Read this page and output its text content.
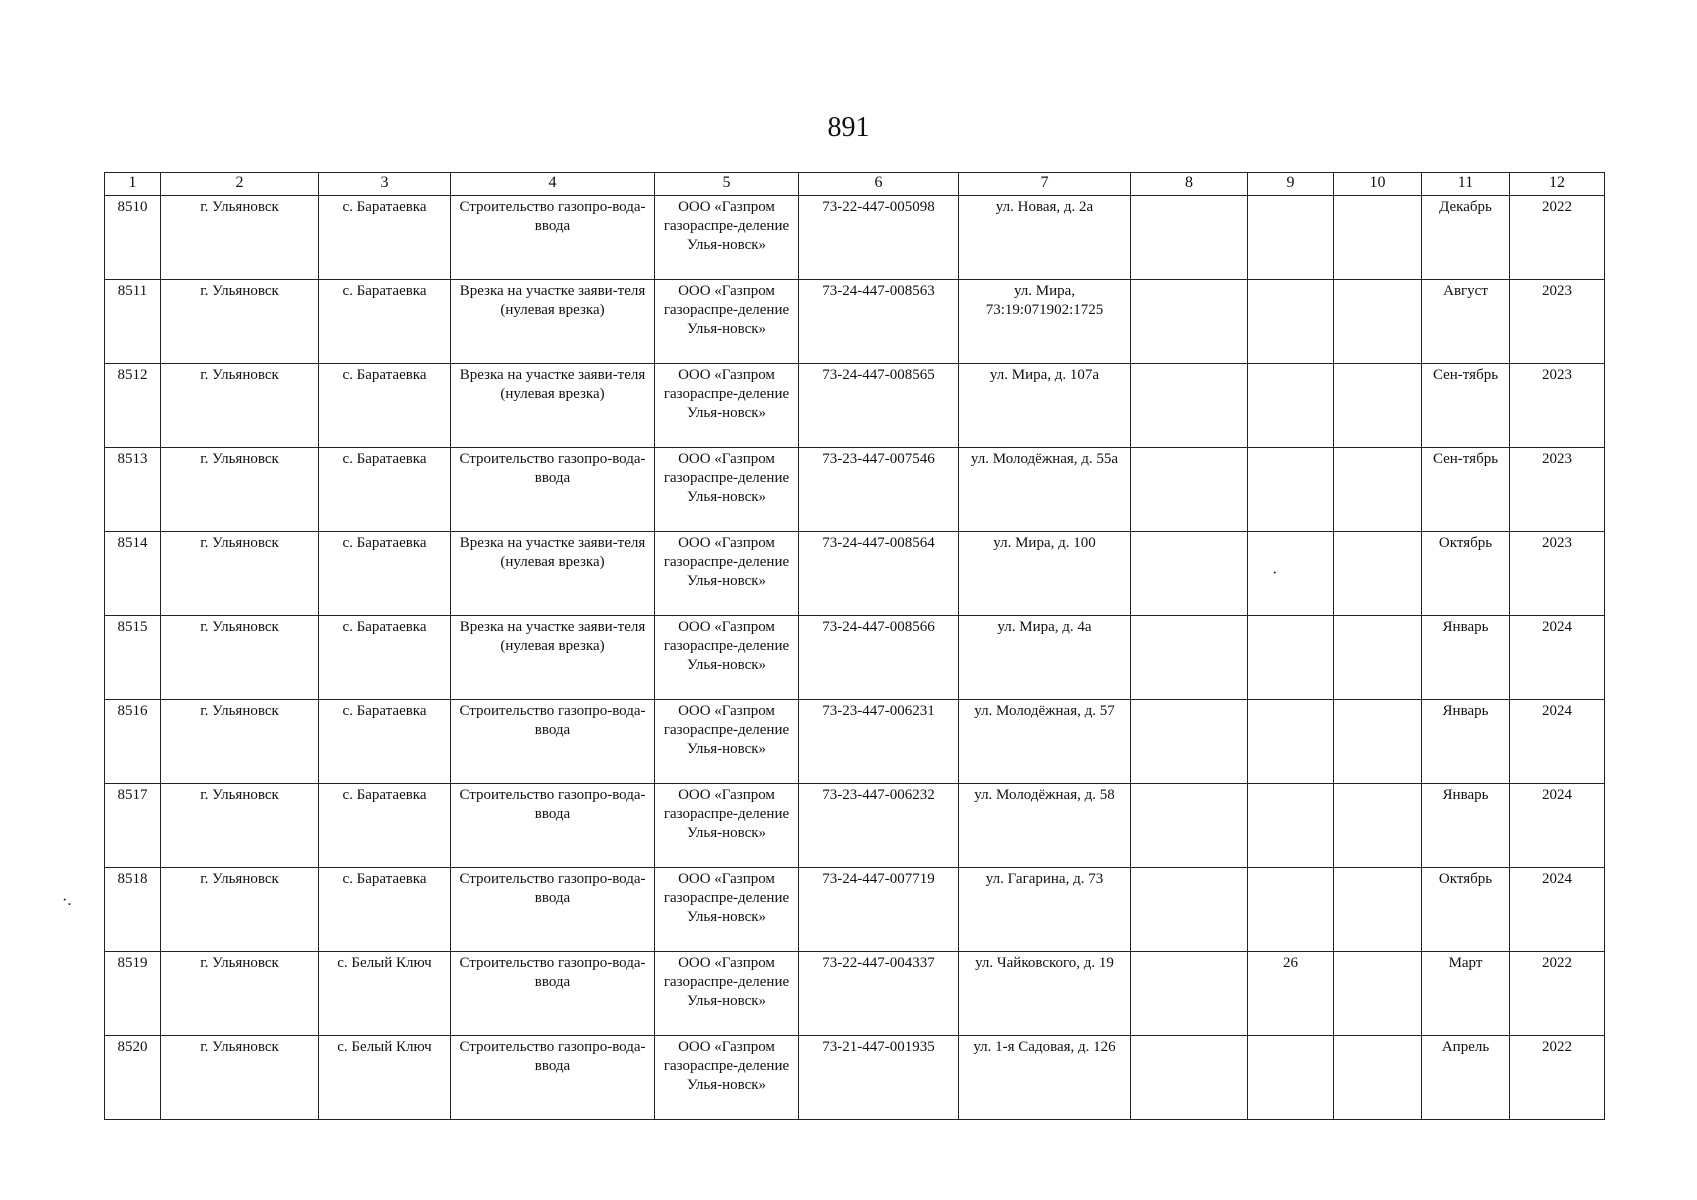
891
1	2	3	4	5	6	7	8	9	10	11	12
8510	г. Ульяновск	с. Баратаевка	Строительство газопро-вода-ввода	ООО «Газпром газораспре-деление Улья-новск»	73-22-447-005098	ул. Новая, д. 2а				Декабрь	2022
8511	г. Ульяновск	с. Баратаевка	Врезка на участке заяви-теля (нулевая врезка)	ООО «Газпром газораспре-деление Улья-новск»	73-24-447-008563	ул. Мира, 73:19:071902:1725				Август	2023
8512	г. Ульяновск	с. Баратаевка	Врезка на участке заяви-теля (нулевая врезка)	ООО «Газпром газораспре-деление Улья-новск»	73-24-447-008565	ул. Мира, д. 107а				Сен-тябрь	2023
8513	г. Ульяновск	с. Баратаевка	Строительство газопро-вода-ввода	ООО «Газпром газораспре-деление Улья-новск»	73-23-447-007546	ул. Молодёжная, д. 55а				Сен-тябрь	2023
8514	г. Ульяновск	с. Баратаевка	Врезка на участке заяви-теля (нулевая врезка)	ООО «Газпром газораспре-деление Улья-новск»	73-24-447-008564	ул. Мира, д. 100				Октябрь	2023
8515	г. Ульяновск	с. Баратаевка	Врезка на участке заяви-теля (нулевая врезка)	ООО «Газпром газораспре-деление Улья-новск»	73-24-447-008566	ул. Мира, д. 4а				Январь	2024
8516	г. Ульяновск	с. Баратаевка	Строительство газопро-вода-ввода	ООО «Газпром газораспре-деление Улья-новск»	73-23-447-006231	ул. Молодёжная, д. 57				Январь	2024
8517	г. Ульяновск	с. Баратаевка	Строительство газопро-вода-ввода	ООО «Газпром газораспре-деление Улья-новск»	73-23-447-006232	ул. Молодёжная, д. 58				Январь	2024
8518	г. Ульяновск	с. Баратаевка	Строительство газопро-вода-ввода	ООО «Газпром газораспре-деление Улья-новск»	73-24-447-007719	ул. Гагарина, д. 73				Октябрь	2024
8519	г. Ульяновск	с. Белый Ключ	Строительство газопро-вода-ввода	ООО «Газпром газораспре-деление Улья-новск»	73-22-447-004337	ул. Чайковского, д. 19		26		Март	2022
8520	г. Ульяновск	с. Белый Ключ	Строительство газопро-вода-ввода	ООО «Газпром газораспре-деление Улья-новск»	73-21-447-001935	ул. 1-я Садовая, д. 126				Апрель	2022
·.
·
